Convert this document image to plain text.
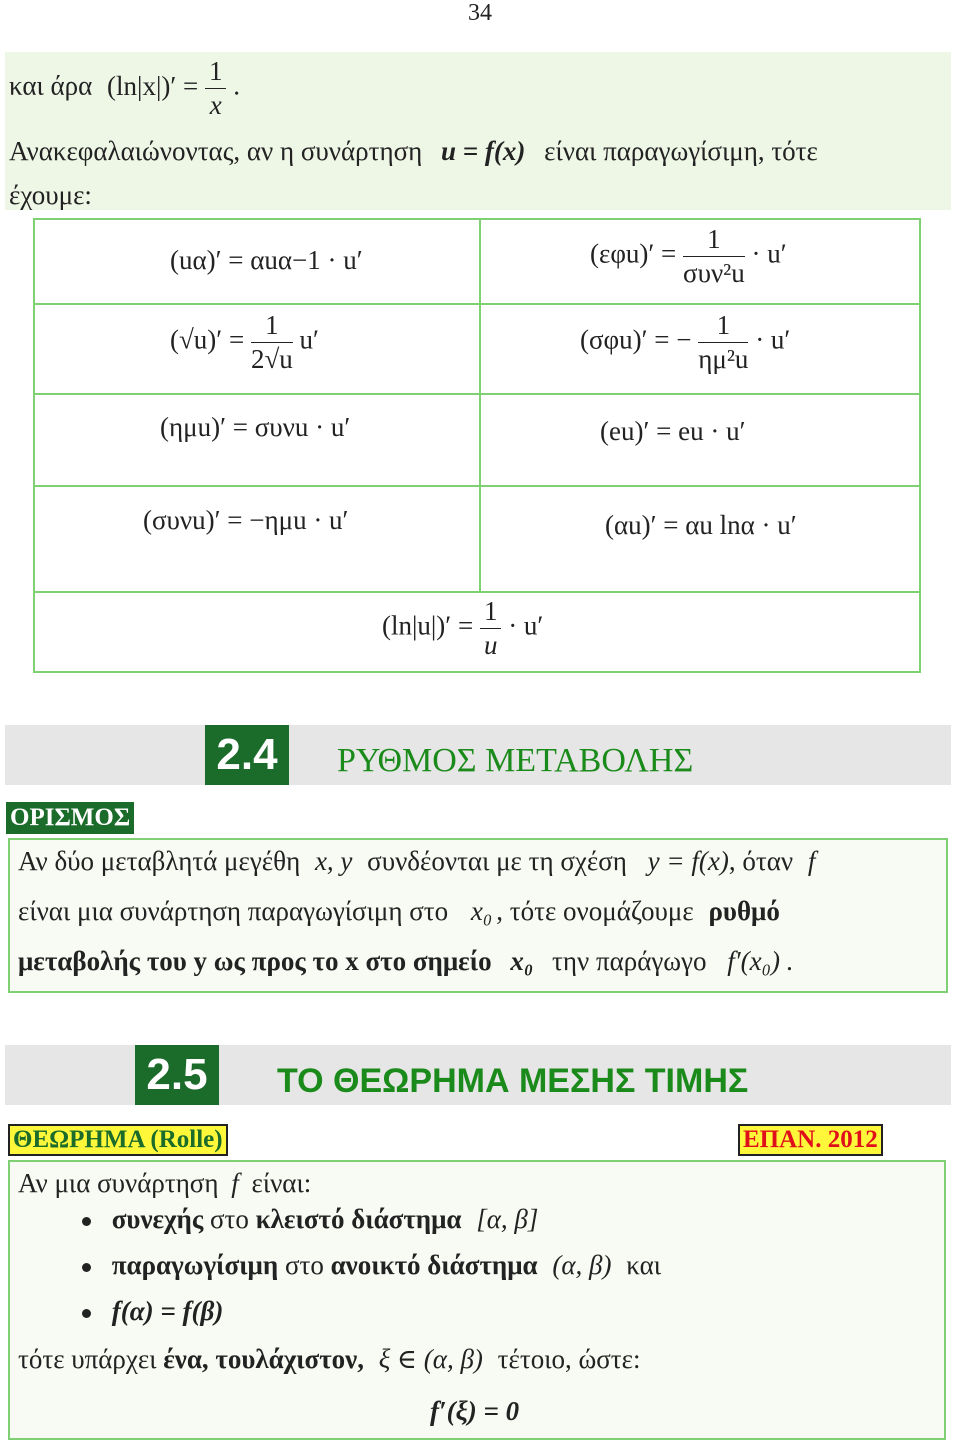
34
και άρα $(\ln|x|)' = \frac{1}{x}$ .
Ανακεφαλαιώνοντας, αν η συνάρτηση u = f(x) είναι παραγωγίσιμη, τότε
έχουμε:
(uα)′ = αuα−1 · u′	$(\varepsilon\varphi u)' = \frac{1}{\text{συν²u}} \cdot u'$
$(√u)' = \frac{1}{2√u} u'$	(σφu)′ = − $\frac{1}{\text{ημ²u}} \cdot u'$
(ημu)′ = συνu · u′	(eu)′ = eu · u′
(συνu)′ = −ημu · u′	(αu)′ = αu lnα · u′
$(\ln|u|)' = \frac{1}{u} \cdot u'$
2.4	ΡΥΘΜΟΣ ΜΕΤΑΒΟΛΗΣ
ΟΡΙΣΜΟΣ
Αν δύο μεταβλητά μεγέθη x, y συνδέονται με τη σχέση y = f(x), όταν f
είναι μια συνάρτηση παραγωγίσιμη στο x₀ , τότε ονομάζουμε ρυθμό
μεταβολής του y ως προς το x στο σημείο x₀ την παράγωγο f′(x₀) .
2.5	ΤΟ ΘΕΩΡΗΜΑ ΜΕΣΗΣ ΤΙΜΗΣ
ΘΕΩΡΗΜΑ (Rolle)	ΕΠΑΝ. 2012
Αν μια συνάρτηση f είναι:
συνεχής στο κλειστό διάστημα [α, β]
παραγωγίσιμη στο ανοικτό διάστημα (α, β) και
f(α) = f(β)
τότε υπάρχει ένα, τουλάχιστον, ξ ∈ (α, β) τέτοιο, ώστε:
f′(ξ) = 0
